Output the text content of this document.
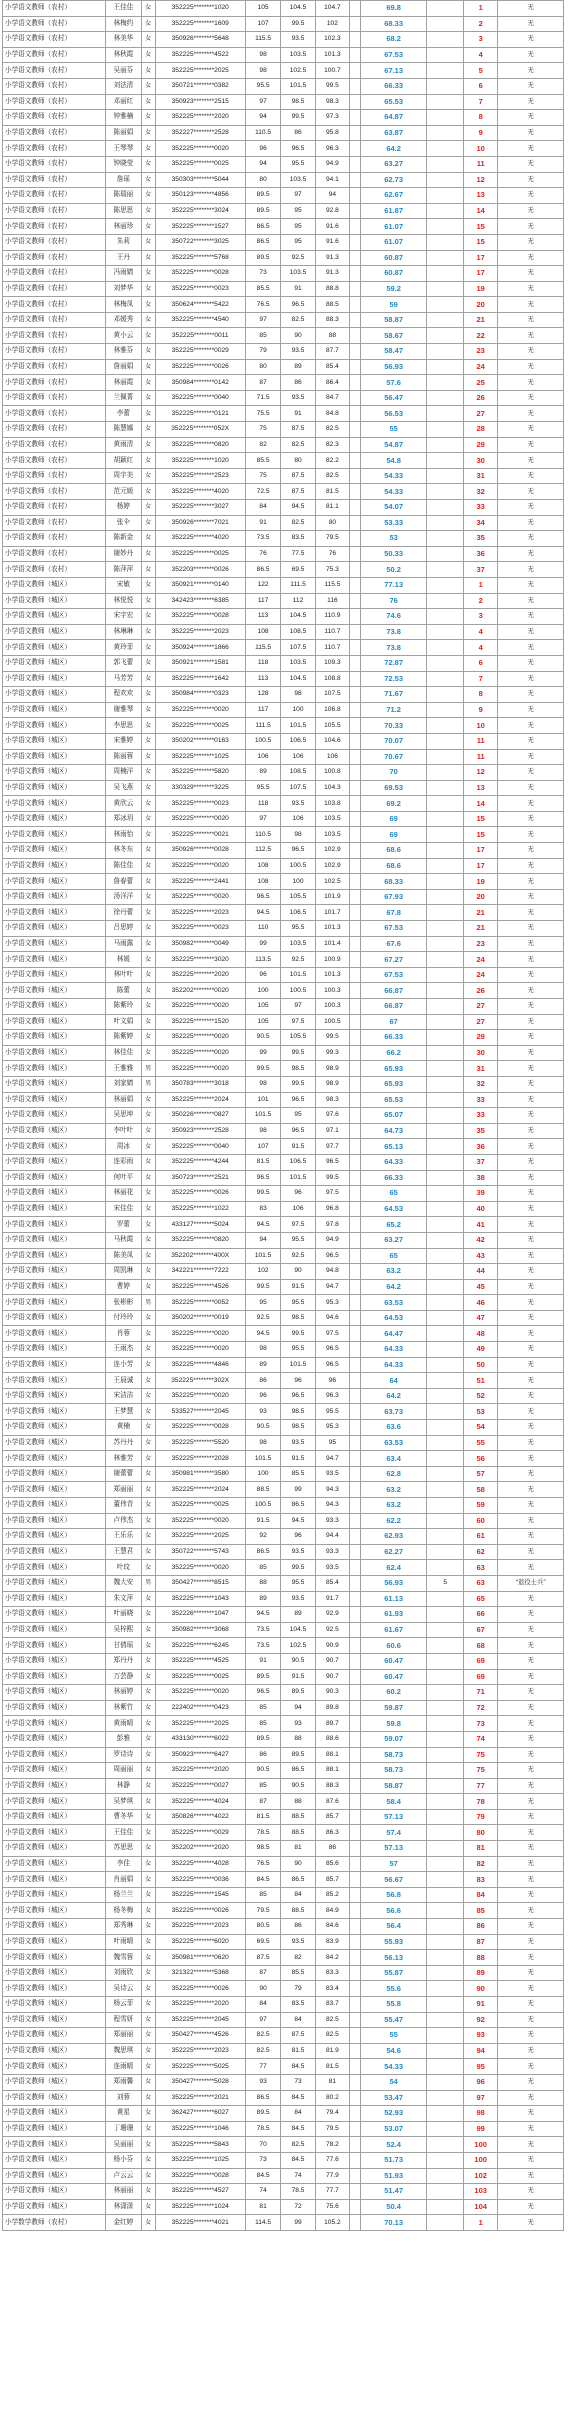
小学语文教师（农村）	王佳佳	女	352225********1020	105	104.5	104.7		69.8		1	无
小学语文教师（农村）	林梅约	女	352225********1609	107	99.5	102		68.33		2	无
小学语文教师（农村）	林美华	女	350926********5648	115.5	93.5	102.3		68.2		3	无
小学语文教师（农村）	林秋霞	女	352225********4522	98	103.5	101.3		67.53		4	无
小学语文教师（农村）	吴丽芬	女	352225********2025	98	102.5	100.7		67.13		5	无
小学语文教师（农村）	刘法清	女	350721********0382	95.5	101.5	99.5		66.33		6	无
小学语文教师（农村）	邓丽红	女	350923********2515	97	98.5	98.3		65.53		7	无
小学语文教师（农村）	钟雅楠	女	352225********2020	94	99.5	97.3		64.87		8	无
小学语文教师（农村）	陈丽娟	女	352227********2528	110.5	86	95.8		63.87		9	无
小学语文教师（农村）	王琴琴	女	352225********0020	96	96.5	96.3		64.2		10	无
小学语文教师（农村）	钟晓莹	女	352225********0025	94	95.5	94.9		63.27		11	无
小学语文教师（农村）	詹瑶	女	350303********5044	80	103.5	94.1		62.73		12	无
小学语文教师（农村）	陈瑞丽	女	350123********4856	89.5	97	94		62.67		13	无
小学语文教师（农村）	陈思思	女	352225********3024	89.5	95	92.8		61.87		14	无
小学语文教师（农村）	林丽珍	女	352225********1527	86.5	95	91.6		61.07		15	无
小学语文教师（农村）	朱莉	女	350722********3025	86.5	95	91.6		61.07		15	无
小学语文教师（农村）	王丹	女	352225********5768	89.5	92.5	91.3		60.87		17	无
小学语文教师（农村）	冯雨婧	女	352225********0028	73	103.5	91.3		60.87		17	无
小学语文教师（农村）	刘梦华	女	352225********0023	85.5	91	88.8		59.2		19	无
小学语文教师（农村）	林梅凤	女	350624********5422	76.5	96.5	88.5		59		20	无
小学语文教师（农村）	邓媛秀	女	352225********4540	97	82.5	88.3		58.87		21	无
小学语文教师（农村）	黄小云	女	352225********0011	85	90	88		58.67		22	无
小学语文教师（农村）	林雅芬	女	352225********0029	79	93.5	87.7		58.47		23	无
小学语文教师（农村）	詹丽娟	女	352225********0026	80	89	85.4		56.93		24	无
小学语文教师（农村）	林丽霞	女	350984********0142	87	86	86.4		57.6		25	无
小学语文教师（农村）	兰佩菁	女	352225********0040	71.5	93.5	84.7		56.47		26	无
小学语文教师（农村）	李蕾	女	352225********0121	75.5	91	84.8		56.53		27	无
小学语文教师（农村）	陈慧娜	女	352225********052X	75	87.5	82.5		55		28	无
小学语文教师（农村）	黄雨清	女	352225********0820	82	82.5	82.3		54.87		29	无
小学语文教师（农村）	胡颖红	女	352225********1020	85.5	80	82.2		54.8		30	无
小学语文教师（农村）	周宇美	女	352225********2523	75	87.5	82.5		54.33		31	无
小学语文教师（农村）	范元媛	女	352225********4020	72.5	87.5	81.5		54.33		32	无
小学语文教师（农村）	杨婷	女	352225********3027	84	94.5	81.1		54.07		33	无
小学语文教师（农村）	张伞	女	350926********7021	91	82.5	80		53.33		34	无
小学语文教师（农村）	陈新金	女	352225********4020	73.5	83.5	79.5		53		35	无
小学语文教师（农村）	谢妙丹	女	352225********0025	76	77.5	76		50.33		36	无
小学语文教师（农村）	陈萍萍	女	352203********0026	86.5	69.5	75.3		50.2		37	无
小学语文教师（城区）	宋敏	女	350921********0140	122	111.5	115.5		77.13		1	无
小学语文教师（城区）	林悦悦	女	342423********6385	117	112	116		76		2	无
小学语文教师（城区）	宋宇宏	女	352225********0028	113	104.5	110.9		74.6		3	无
小学语文教师（城区）	林琳琳	女	352225********2023	108	108.5	110.7		73.8		4	无
小学语文教师（城区）	黄玲菲	女	350924********1866	115.5	107.5	110.7		73.8		4	无
小学语文教师（城区）	郭飞蕾	女	350921********1581	118	103.5	109.3		72.87		6	无
小学语文教师（城区）	马芳芳	女	352225********1642	113	104.5	108.8		72.53		7	无
小学语文教师（城区）	程欢欢	女	350984********0323	128	98	107.5		71.67		8	无
小学语文教师（城区）	谢雅琴	女	352225********0020	117	100	106.8		71.2		9	无
小学语文教师（城区）	李思思	女	352225********0025	111.5	101.5	105.5		70.33		10	无
小学语文教师（城区）	宋雅婷	女	350202********0163	100.5	106.5	104.6		70.07		11	无
小学语文教师（城区）	陈丽蓉	女	352225********1025	106	106	106		70.67		11	无
小学语文教师（城区）	周楠洋	女	352225********5820	89	108.5	100.8		70		12	无
小学语文教师（城区）	吴飞燕	女	330329********3225	95.5	107.5	104.3		69.53		13	无
小学语文教师（城区）	黄欣云	女	352225********0023	118	93.5	103.8		69.2		14	无
小学语文教师（城区）	郑冰玥	女	352225********0020	97	106	103.5		69		15	无
小学语文教师（城区）	林雨怡	女	352225********0021	110.5	98	103.5		69		15	无
小学语文教师（城区）	林冬东	女	350926********0028	112.5	96.5	102.9		68.6		17	无
小学语文教师（城区）	陈佳佳	女	352225********0020	108	100.5	102.9		68.6		17	无
小学语文教师（城区）	詹春蕾	女	352225********2441	108	100	102.5		68.33		19	无
小学语文教师（城区）	汤洋洋	女	352225********0020	96.5	105.5	101.9		67.93		20	无
小学语文教师（城区）	徐丹蕾	女	352225********2023	94.5	106.5	101.7		67.8		21	无
小学语文教师（城区）	吕思婷	女	352225********0023	110	95.5	101.3		67.53		21	无
小学语文教师（城区）	马雨露	女	350982********0049	99	103.5	101.4		67.6		23	无
小学语文教师（城区）	林媛	女	352225********3020	113.5	92.5	100.9		67.27		24	无
小学语文教师（城区）	林叶叶	女	352225********2020	96	101.5	101.3		67.53		24	无
小学语文教师（城区）	陈蕾	女	352202********0020	100	100.5	100.3		66.87		26	无
小学语文教师（城区）	陈紫玲	女	352225********0020	105	97	100.3		66.87		27	无
小学语文教师（城区）	叶文娟	女	352225********1520	105	97.5	100.5		67		27	无
小学语文教师（城区）	陈紫婷	女	352225********0020	90.5	105.5	99.5		66.33		29	无
小学语文教师（城区）	林佳佳	女	352225********0020	99	99.5	99.3		66.2		30	无
小学语文教师（城区）	王雅雅	男	352225********0020	99.5	98.5	98.9		65.93		31	无
小学语文教师（城区）	刘家婧	男	350783********3018	98	99.5	98.9		65.93		32	无
小学语文教师（城区）	林丽娟	女	352225********2024	101	96.5	98.3		65.53		33	无
小学语文教师（城区）	吴思坤	女	350226********0827	101.5	95	97.6		65.07		33	无
小学语文教师（城区）	李叶叶	女	350923********2528	98	96.5	97.1		64.73		35	无
小学语文教师（城区）	周冰	女	352225********0040	107	91.5	97.7		65.13		36	无
小学语文教师（城区）	连彩雨	女	352225********4244	81.5	106.5	96.5		64.33		37	无
小学语文教师（城区）	何叶平	女	350723********2521	96.5	101.5	99.5		66.33		38	无
小学语文教师（城区）	林丽花	女	352225********0026	99.5	96	97.5		65		39	无
小学语文教师（城区）	宋佳佳	女	352225********1022	83	106	96.8		64.53		40	无
小学语文教师（城区）	罗蕾	女	433127********5024	94.5	97.5	97.8		65.2		41	无
小学语文教师（城区）	马秋霞	女	352225********0820	94	95.5	94.9		63.27		42	无
小学语文教师（城区）	陈美凤	女	352202********400X	101.5	92.5	96.5		65		43	无
小学语文教师（城区）	周凯琳	女	342221********7222	102	90	94.8		63.2		44	无
小学语文教师（城区）	曹婷	女	352225********4526	99.5	91.5	94.7		64.2		45	无
小学语文教师（城区）	张彬彬	男	352225********0052	95	95.5	95.3		63.53		46	无
小学语文教师（城区）	付玲玲	女	350202********0019	92.5	98.5	94.6		64.53		47	无
小学语文教师（城区）	肖蓉	女	352225********0020	94.5	99.5	97.5		64.47		48	无
小学语文教师（城区）	王雨杰	女	352225********0020	98	95.5	96.5		64.33		49	无
小学语文教师（城区）	连小芳	女	352225********4846	89	101.5	96.5		64.33		50	无
小学语文教师（城区）	王晨诚	女	352225********302X	86	96	96		64		51	无
小学语文教师（城区）	宋洁洁	女	352225********0020	96	96.5	96.3		64.2		52	无
小学语文教师（城区）	王梦慧	女	533527********2045	93	98.5	95.5		63.73		53	无
小学语文教师（城区）	黄楠	女	352225********0028	90.5	98.5	95.3		63.6		54	无
小学语文教师（城区）	苏丹丹	女	352225********5520	98	93.5	95		63.53		55	无
小学语文教师（城区）	林雅芳	女	352225********2028	101.5	91.5	94.7		63.4		56	无
小学语文教师（城区）	谢蕾蕾	女	350981********3580	100	85.5	93.5		62.8		57	无
小学语文教师（城区）	郑丽丽	女	352225********2024	88.5	99	94.3		63.2		58	无
小学语文教师（城区）	董伟青	女	352225********0025	100.5	86.5	94.3		63.2		59	无
小学语文教师（城区）	卢伟杰	女	352225********0020	91.5	94.5	93.3		62.2		60	无
小学语文教师（城区）	王乐乐	女	352225********2025	92	96	94.4		62.93		61	无
小学语文教师（城区）	王慧君	女	350722********5743	86.5	93.5	93.3		62.27		62	无
小学语文教师（城区）	叶玟	女	352225********0020	85	99.5	93.5		62.4		63	无
小学语文教师（城区）	魏大安	男	350427********8515	88	95.5	85.4		56.93	5	63	“退役士兵”
小学语文教师（城区）	朱文萍	女	352225********1043	89	93.5	91.7		61.13		65	无
小学语文教师（城区）	叶丽晓	女	352226********1047	94.5	89	92.9		61.93		66	无
小学语文教师（城区）	吴梓熙	女	350982********3068	73.5	104.5	92.5		61.67		67	无
小学语文教师（城区）	甘倩瑶	女	352225********6245	73.5	102.5	90.9		60.6		68	无
小学语文教师（城区）	郑丹丹	女	352225********4525	91	90.5	90.7		60.47		69	无
小学语文教师（城区）	万芸静	女	352225********0025	89.5	91.5	90.7		60.47		69	无
小学语文教师（城区）	林丽婷	女	352225********0020	96.5	89.5	90.3		60.2		71	无
小学语文教师（城区）	林紫竹	女	222402********0423	85	94	89.8		59.87		72	无
小学语文教师（城区）	黄雨晴	女	352225********2025	85	93	89.7		59.8		73	无
小学语文教师（城区）	彭雅	女	433130********6022	89.5	88	88.6		59.07		74	无
小学语文教师（城区）	罗诗诗	女	350923********6427	86	89.5	88.1		58.73		75	无
小学语文教师（城区）	周丽丽	女	352225********2020	90.5	86.5	88.1		58.73		75	无
小学语文教师（城区）	林静	女	352225********0027	85	90.5	88.3		58.87		77	无
小学语文教师（城区）	吴梦琪	女	352225********4024	87	88	87.6		58.4		78	无
小学语文教师（城区）	曹冬华	女	350826********4022	81.5	88.5	85.7		57.13		79	无
小学语文教师（城区）	王佳佳	女	352225********0029	78.5	88.5	86.3		57.4		80	无
小学语文教师（城区）	苏思思	女	352202********2020	98.5	81	86		57.13		81	无
小学语文教师（城区）	李佳	女	352225********4028	76.5	90	85.6		57		82	无
小学语文教师（城区）	肖丽娟	女	352225********0036	84.5	86.5	85.7		56.67		83	无
小学语文教师（城区）	杨兰兰	女	352225********1545	85	84	85.2		56.8		84	无
小学语文教师（城区）	杨冬梅	女	352225********0026	79.5	88.5	84.9		56.6		85	无
小学语文教师（城区）	郑秀琳	女	352225********2023	80.5	86	84.6		56.4		86	无
小学语文教师（城区）	叶雨晴	女	352225********6020	69.5	93.5	83.9		55.93		87	无
小学语文教师（城区）	魏雪蓉	女	350981********0620	87.5	82	84.2		56.13		88	无
小学语文教师（城区）	刘雨欣	女	321322********5368	87	85.5	83.3		55.87		89	无
小学语文教师（城区）	吴诗云	女	352225********0026	90	79	83.4		55.6		90	无
小学语文教师（城区）	杨云菲	女	352225********2020	84	83.5	83.7		55.8		91	无
小学语文教师（城区）	程雪妍	女	352225********2045	97	84	82.5		55.47		92	无
小学语文教师（城区）	郑丽丽	女	350427********4526	82.5	87.5	82.5		55		93	无
小学语文教师（城区）	魏思琪	女	352225********2023	82.5	81.5	81.9		54.6		94	无
小学语文教师（城区）	连雨晴	女	352225********5025	77	84.5	81.5		54.33		95	无
小学语文教师（城区）	郑雨馨	女	350427********5028	93	73	81		54		96	无
小学语文教师（城区）	刘蓉	女	352225********2021	86.5	84.5	80.2		53.47		97	无
小学语文教师（城区）	黄星	女	362427********6027	89.5	84	79.4		52.93		98	无
小学语文教师（城区）	丁珊珊	女	352225********1046	78.5	84.5	79.5		53.07		99	无
小学语文教师（城区）	吴丽丽	女	352225********5843	70	82.5	78.2		52.4		100	无
小学语文教师（城区）	杨小芬	女	352225********1025	73	84.5	77.6		51.73		100	无
小学语文教师（城区）	卢云云	女	352225********0028	84.5	74	77.9		51.93		102	无
小学语文教师（城区）	林丽丽	女	352225********4527	74	78.5	77.7		51.47		103	无
小学语文教师（城区）	林潇潇	女	352225********1024	81	72	75.6		50.4		104	无
小学数学教师（农村）	金红婷	女	352225********4021	114.5	99	105.2		70.13		1	无
